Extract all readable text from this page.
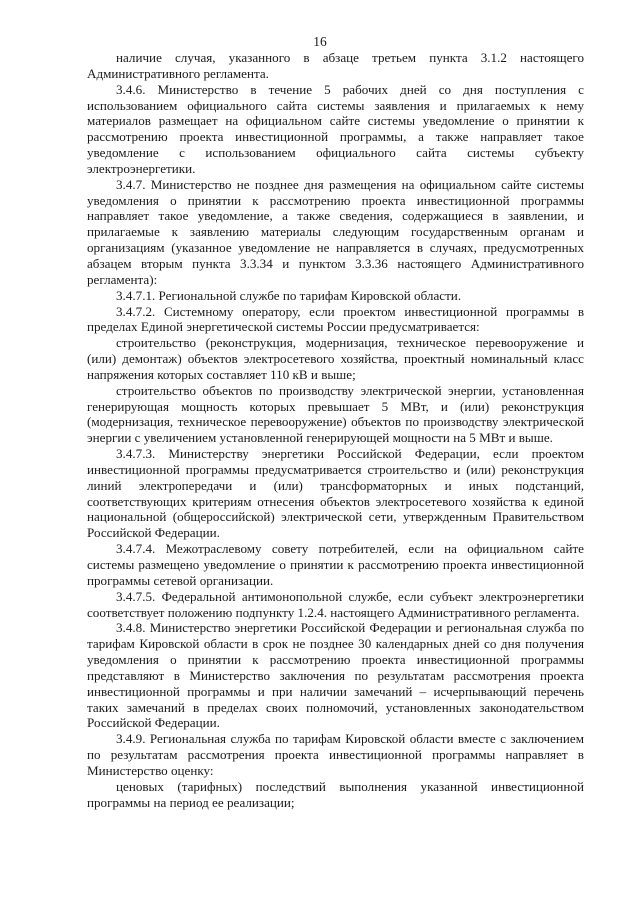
16

наличие случая, указанного в абзаце третьем пункта 3.1.2 настоящего Административного регламента.

3.4.6. Министерство в течение 5 рабочих дней со дня поступления с использованием официального сайта системы заявления и прилагаемых к нему материалов размещает на официальном сайте системы уведомление о принятии к рассмотрению проекта инвестиционной программы, а также направляет такое уведомление с использованием официального сайта системы субъекту электроэнергетики.

3.4.7. Министерство не позднее дня размещения на официальном сайте системы уведомления о принятии к рассмотрению проекта инвестиционной программы направляет такое уведомление, а также сведения, содержащиеся в заявлении, и прилагаемые к заявлению материалы следующим государственным органам и организациям (указанное уведомление не направляется в случаях, предусмотренных абзацем вторым пункта 3.3.34 и пунктом 3.3.36 настоящего Административного регламента):

3.4.7.1. Региональной службе по тарифам Кировской области.

3.4.7.2. Системному оператору, если проектом инвестиционной программы в пределах Единой энергетической системы России предусматривается:

строительство (реконструкция, модернизация, техническое перевооружение и (или) демонтаж) объектов электросетевого хозяйства, проектный номинальный класс напряжения которых составляет 110 кВ и выше;

строительство объектов по производству электрической энергии, установленная генерирующая мощность которых превышает 5 МВт, и (или) реконструкция (модернизация, техническое перевооружение) объектов по производству электрической энергии с увеличением установленной генерирующей мощности на 5 МВт и выше.

3.4.7.3. Министерству энергетики Российской Федерации, если проектом инвестиционной программы предусматривается строительство и (или) реконструкция линий электропередачи и (или) трансформаторных и иных подстанций, соответствующих критериям отнесения объектов электросетевого хозяйства к единой национальной (общероссийской) электрической сети, утвержденным Правительством Российской Федерации.

3.4.7.4. Межотраслевому совету потребителей, если на официальном сайте системы размещено уведомление о принятии к рассмотрению проекта инвестиционной программы сетевой организации.

3.4.7.5. Федеральной антимонопольной службе, если субъект электроэнергетики соответствует положению подпункту 1.2.4. настоящего Административного регламента.

3.4.8. Министерство энергетики Российской Федерации и региональная служба по тарифам Кировской области в срок не позднее 30 календарных дней со дня получения уведомления о принятии к рассмотрению проекта инвестиционной программы представляют в Министерство заключения по результатам рассмотрения проекта инвестиционной программы и при наличии замечаний – исчерпывающий перечень таких замечаний в пределах своих полномочий, установленных законодательством Российской Федерации.

3.4.9. Региональная служба по тарифам Кировской области вместе с заключением по результатам рассмотрения проекта инвестиционной программы направляет в Министерство оценку:

ценовых (тарифных) последствий выполнения указанной инвестиционной программы на период ее реализации;
